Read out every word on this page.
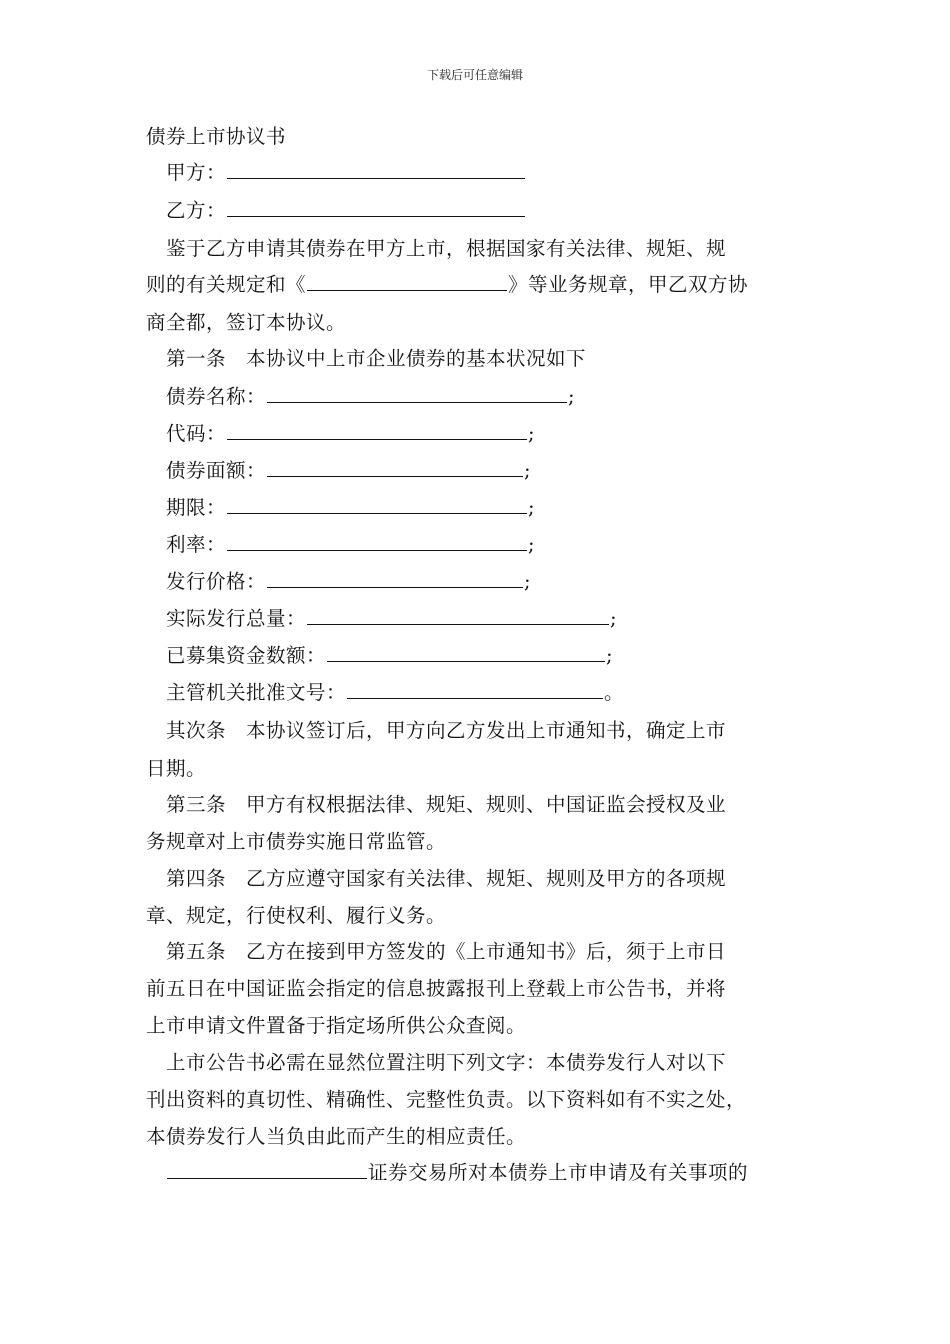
下载后可任意编辑
债券上市协议书
甲方：
乙方：
鉴于乙方申请其债券在甲方上市，根据国家有关法律、规矩、规
则的有关规定和《	》等业务规章，甲乙双方协
商全都，签订本协议。
第一条　本协议中上市企业债券的基本状况如下
债券名称：	;
代码：	;
债券面额：	;
期限：	;
利率：	;
发行价格：	;
实际发行总量：	;
已募集资金数额：	;
主管机关批准文号：	。
其次条　本协议签订后，甲方向乙方发出上市通知书，确定上市
日期。
第三条　甲方有权根据法律、规矩、规则、中国证监会授权及业
务规章对上市债券实施日常监管。
第四条　乙方应遵守国家有关法律、规矩、规则及甲方的各项规
章、规定，行使权利、履行义务。
第五条　乙方在接到甲方签发的《上市通知书》后，须于上市日
前五日在中国证监会指定的信息披露报刊上登载上市公告书，并将
上市申请文件置备于指定场所供公众查阅。
上市公告书必需在显然位置注明下列文字：本债券发行人对以下
刊出资料的真切性、精确性、完整性负责。以下资料如有不实之处，
本债券发行人当负由此而产生的相应责任。
证券交易所对本债券上市申请及有关事项的
